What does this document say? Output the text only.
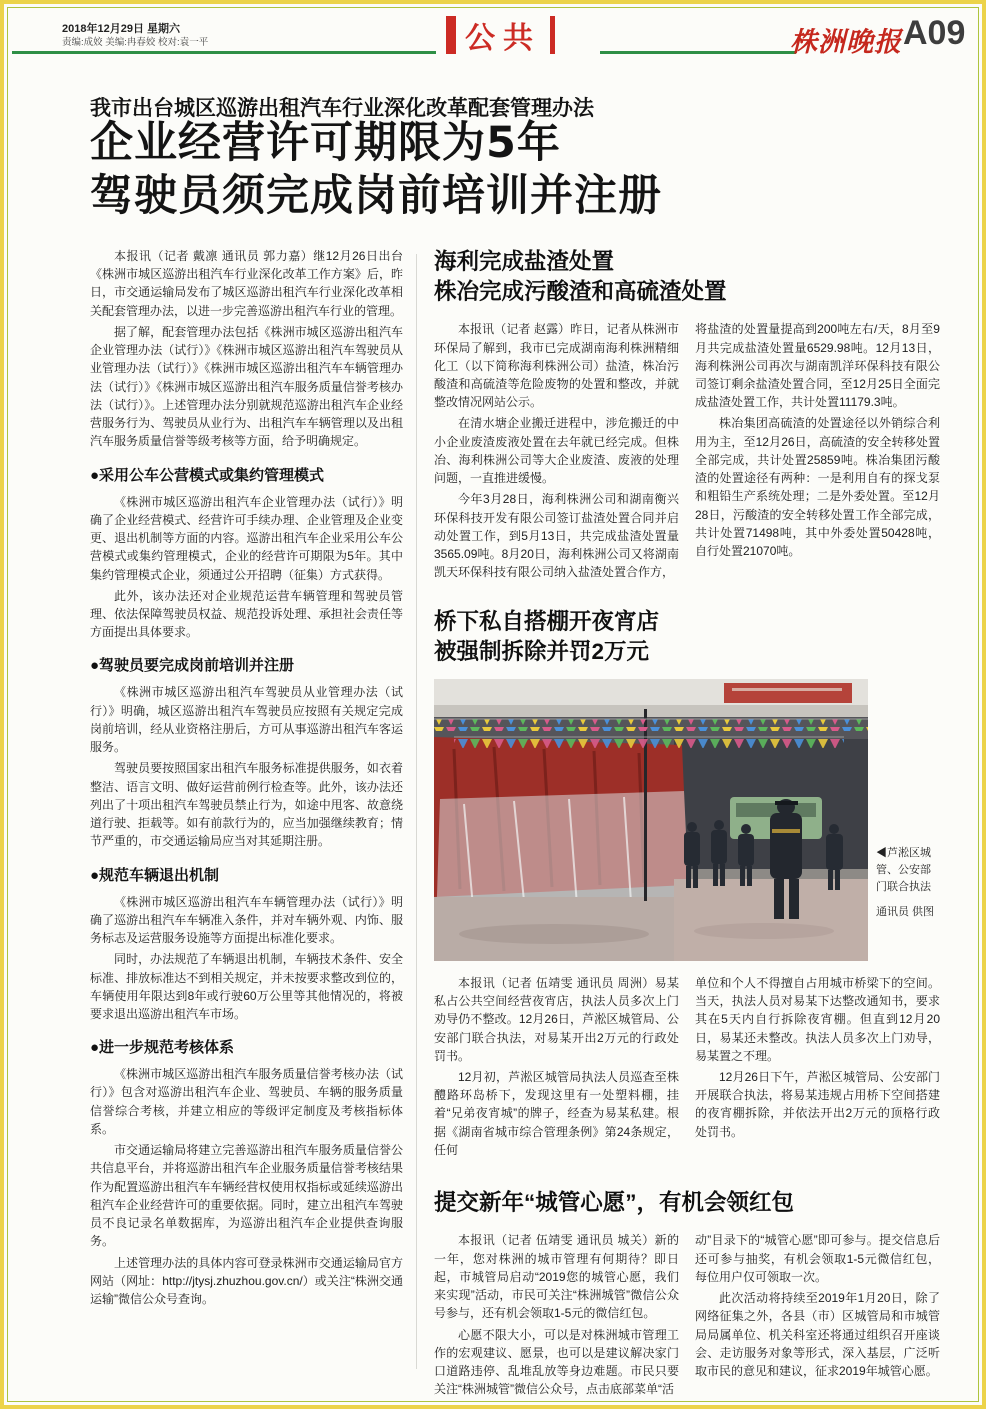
2018年12月29日 星期六
责编:成姣 美编:冉春姣 校对:袁一平	公共	株洲晚报 A09
我市出台城区巡游出租汽车行业深化改革配套管理办法
企业经营许可期限为5年
驾驶员须完成岗前培训并注册

本报讯（记者 戴凛 通讯员 郭力嘉）继12月26日出台《株洲市城区巡游出租汽车行业深化改革工作方案》后，昨日，市交通运输局发布了城区巡游出租汽车行业深化改革相关配套管理办法，以进一步完善巡游出租汽车行业的管理。

据了解，配套管理办法包括《株洲市城区巡游出租汽车企业管理办法（试行）》《株洲市城区巡游出租汽车驾驶员从业管理办法（试行）》《株洲市城区巡游出租汽车车辆管理办法（试行）》《株洲市城区巡游出租汽车服务质量信誉考核办法（试行）》。上述管理办法分别就规范巡游出租汽车企业经营服务行为、驾驶员从业行为、出租汽车车辆管理以及出租汽车服务质量信誉等级考核等方面，给予明确规定。

●采用公车公营模式或集约管理模式

《株洲市城区巡游出租汽车企业管理办法（试行）》明确了企业经营模式、经营许可手续办理、企业管理及企业变更、退出机制等方面的内容。巡游出租汽车企业采用公车公营模式或集约管理模式，企业的经营许可期限为5年。其中集约管理模式企业，须通过公开招聘（征集）方式获得。

此外，该办法还对企业规范运营车辆管理和驾驶员管理、依法保障驾驶员权益、规范投诉处理、承担社会责任等方面提出具体要求。

●驾驶员要完成岗前培训并注册

《株洲市城区巡游出租汽车驾驶员从业管理办法（试行）》明确，城区巡游出租汽车驾驶员应按照有关规定完成岗前培训，经从业资格注册后，方可从事巡游出租汽车客运服务。

驾驶员要按照国家出租汽车服务标准提供服务，如衣着整洁、语言文明、做好运营前例行检查等。此外，该办法还列出了十项出租汽车驾驶员禁止行为，如途中甩客、故意绕道行驶、拒载等。如有前款行为的，应当加强继续教育；情节严重的，市交通运输局应当对其延期注册。

●规范车辆退出机制

《株洲市城区巡游出租汽车车辆管理办法（试行）》明确了巡游出租汽车车辆准入条件，并对车辆外观、内饰、服务标志及运营服务设施等方面提出标准化要求。

同时，办法规范了车辆退出机制，车辆技术条件、安全标准、排放标准达不到相关规定，并未按要求整改到位的，车辆使用年限达到8年或行驶60万公里等其他情况的，将被要求退出巡游出租汽车市场。

●进一步规范考核体系

《株洲市城区巡游出租汽车服务质量信誉考核办法（试行）》包含对巡游出租汽车企业、驾驶员、车辆的服务质量信誉综合考核，并建立相应的等级评定制度及考核指标体系。

市交通运输局将建立完善巡游出租汽车服务质量信誉公共信息平台，并将巡游出租汽车企业服务质量信誉考核结果作为配置巡游出租汽车车辆经营权使用权指标或延续巡游出租汽车企业经营许可的重要依据。同时，建立出租汽车驾驶员不良记录名单数据库，为巡游出租汽车企业提供查询服务。

上述管理办法的具体内容可登录株洲市交通运输局官方网站（网址：http://jtysj.zhuzhou.gov.cn/）或关注“株洲交通运输”微信公众号查询。

海利完成盐渣处置
株冶完成污酸渣和高硫渣处置

本报讯（记者 赵露）昨日，记者从株洲市环保局了解到，我市已完成湖南海利株洲精细化工（以下简称海利株洲公司）盐渣，株冶污酸渣和高硫渣等危险废物的处置和整改，并就整改情况网站公示。

在清水塘企业搬迁进程中，涉危搬迁的中小企业废渣废液处置在去年就已经完成。但株冶、海利株洲公司等大企业废渣、废液的处理问题，一直推进缓慢。

今年3月28日，海利株洲公司和湖南衡兴环保科技开发有限公司签订盐渣处置合同并启动处置工作，到5月13日，共完成盐渣处置量3565.09吨。8月20日，海利株洲公司又将湖南凯天环保科技有限公司纳入盐渣处置合作方，

将盐渣的处置量提高到200吨左右/天，8月至9月共完成盐渣处置量6529.98吨。12月13日，海利株洲公司再次与湖南凯洋环保科技有限公司签订剩余盐渣处置合同，至12月25日全面完成盐渣处置工作，共计处置11179.3吨。

株冶集团高硫渣的处置途径以外销综合利用为主，至12月26日，高硫渣的安全转移处置全部完成，共计处置25859吨。株冶集团污酸渣的处置途径有两种：一是利用自有的探戈泵和粗铅生产系统处理；二是外委处置。至12月28日，污酸渣的安全转移处置工作全部完成，共计处置71498吨，其中外委处置50428吨，自行处置21070吨。

桥下私自搭棚开夜宵店
被强制拆除并罚2万元
◀芦淞区城管、公安部门联合执法
通讯员 供图

本报讯（记者 伍靖雯 通讯员 周洲）易某私占公共空间经营夜宵店，执法人员多次上门劝导仍不整改。12月26日，芦淞区城管局、公安部门联合执法，对易某开出2万元的行政处罚书。

12月初，芦淞区城管局执法人员巡查至株醴路环岛桥下，发现这里有一处塑料棚，挂着“兄弟夜宵城”的牌子，经查为易某私建。根据《湖南省城市综合管理条例》第24条规定，任何

单位和个人不得擅自占用城市桥梁下的空间。当天，执法人员对易某下达整改通知书，要求其在5天内自行拆除夜宵棚。但直到12月20日，易某还未整改。执法人员多次上门劝导，易某置之不理。

12月26日下午，芦淞区城管局、公安部门开展联合执法，将易某违规占用桥下空间搭建的夜宵棚拆除，并依法开出2万元的顶格行政处罚书。

提交新年“城管心愿”，有机会领红包

本报讯（记者 伍靖雯 通讯员 城关）新的一年，您对株洲的城市管理有何期待？即日起，市城管局启动“2019您的城管心愿，我们来实现”活动，市民可关注“株洲城管”微信公众号参与，还有机会领取1-5元的微信红包。

心愿不限大小，可以是对株洲城市管理工作的宏观建议、愿景，也可以是建议解决家门口道路违停、乱堆乱放等身边难题。市民只要关注“株洲城管”微信公众号，点击底部菜单“活

动”目录下的“城管心愿”即可参与。提交信息后还可参与抽奖，有机会领取1-5元微信红包，每位用户仅可领取一次。

此次活动将持续至2019年1月20日，除了网络征集之外，各县（市）区城管局和市城管局局属单位、机关科室还将通过组织召开座谈会、走访服务对象等形式，深入基层，广泛听取市民的意见和建议，征求2019年城管心愿。
